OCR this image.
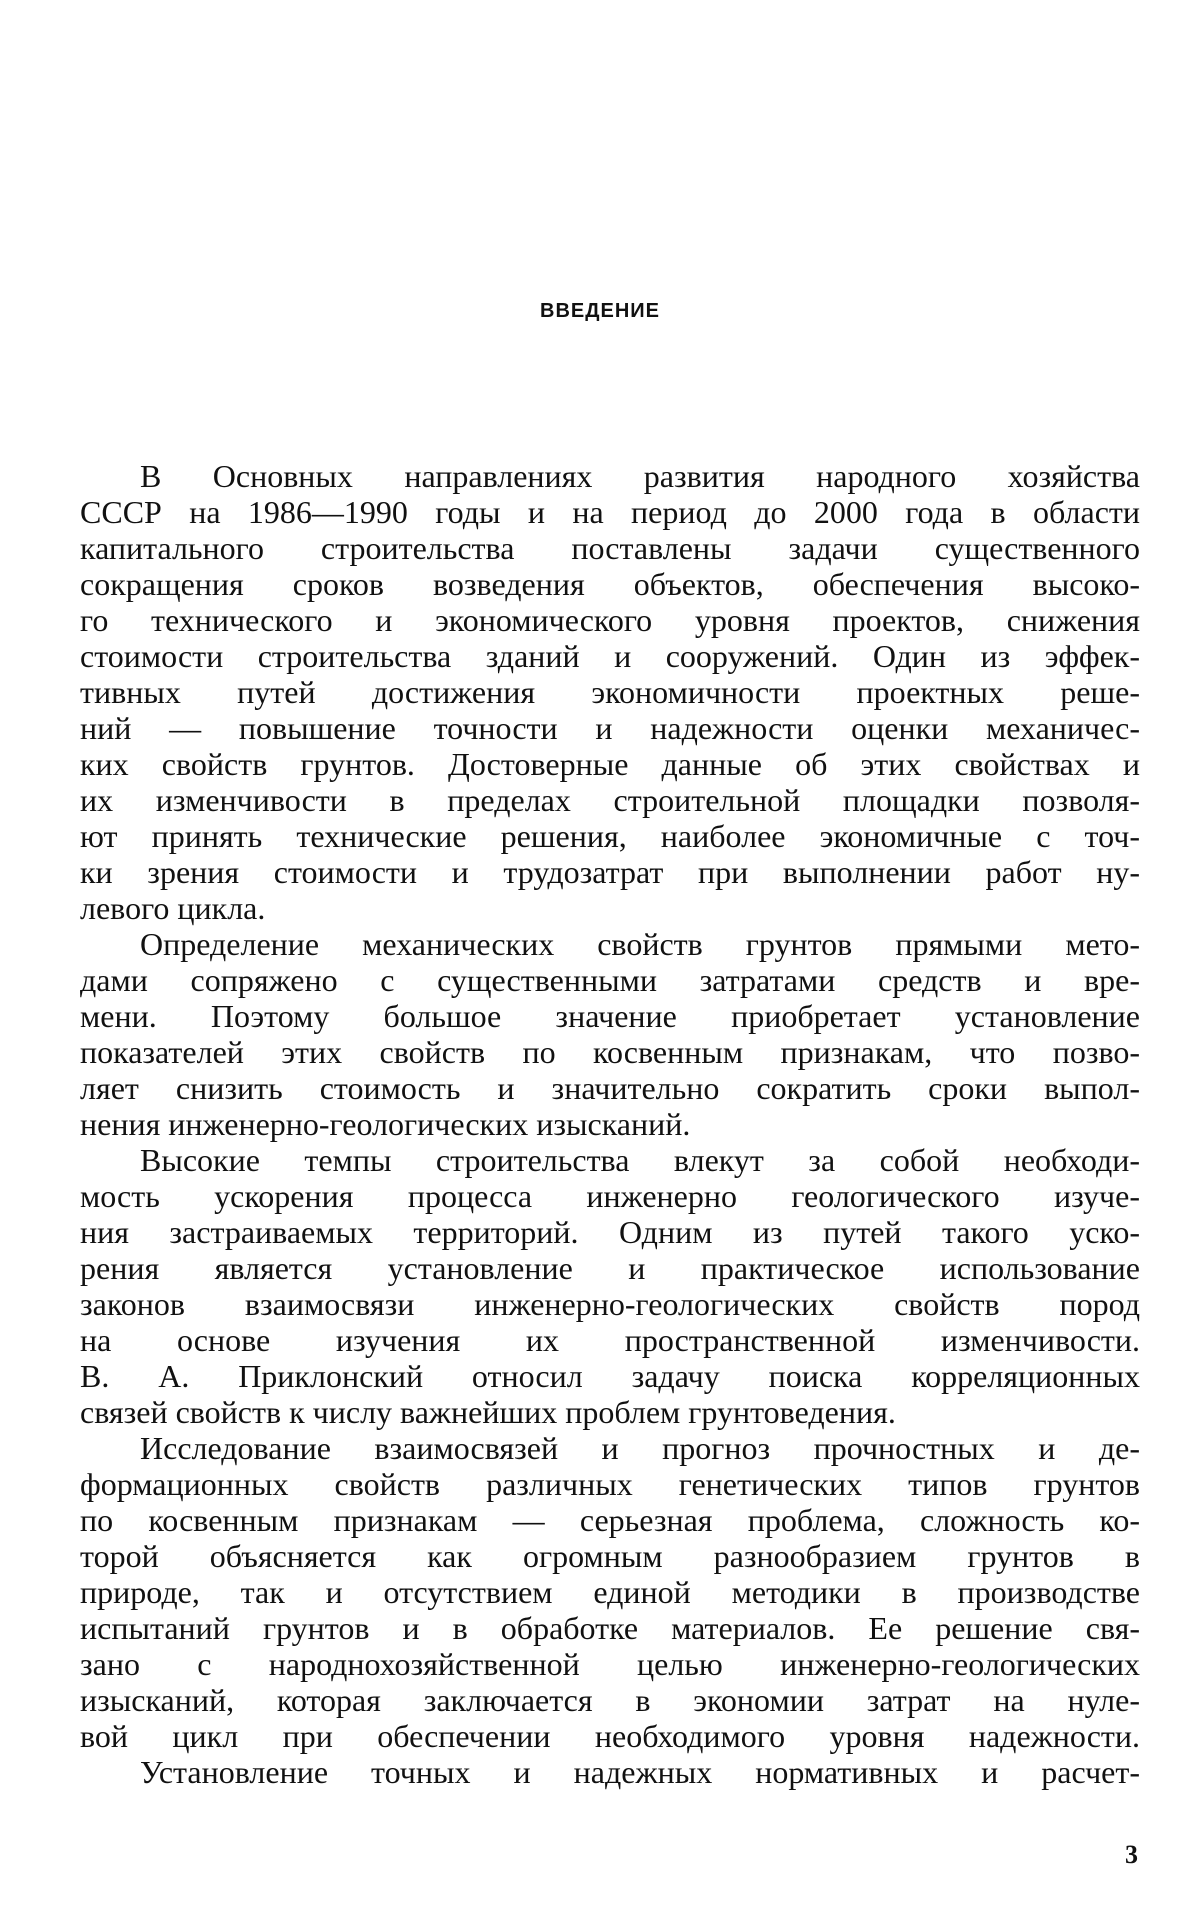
ВВЕДЕНИЕ
В Основных направлениях развития народного хозяйства
СССР на 1986—1990 годы и на период до 2000 года в области
капитального строительства поставлены задачи существенного
сокращения сроков возведения объектов, обеспечения высоко-
го технического и экономического уровня проектов, снижения
стоимости строительства зданий и сооружений. Один из эффек-
тивных путей достижения экономичности проектных реше-
ний — повышение точности и надежности оценки механичес-
ких свойств грунтов. Достоверные данные об этих свойствах и
их изменчивости в пределах строительной площадки позволя-
ют принять технические решения, наиболее экономичные с точ-
ки зрения стоимости и трудозатрат при выполнении работ ну-
левого цикла.
Определение механических свойств грунтов прямыми мето-
дами сопряжено с существенными затратами средств и вре-
мени. Поэтому большое значение приобретает установление
показателей этих свойств по косвенным признакам, что позво-
ляет снизить стоимость и значительно сократить сроки выпол-
нения инженерно-геологических изысканий.
Высокие темпы строительства влекут за собой необходи-
мость ускорения процесса инженерно геологического изуче-
ния застраиваемых территорий. Одним из путей такого уско-
рения является установление и практическое использование
законов взаимосвязи инженерно-геологических свойств пород
на основе изучения их пространственной изменчивости.
В. А. Приклонский относил задачу поиска корреляционных
связей свойств к числу важнейших проблем грунтоведения.
Исследование взаимосвязей и прогноз прочностных и де-
формационных свойств различных генетических типов грунтов
по косвенным признакам — серьезная проблема, сложность ко-
торой объясняется как огромным разнообразием грунтов в
природе, так и отсутствием единой методики в производстве
испытаний грунтов и в обработке материалов. Ее решение свя-
зано с народнохозяйственной целью инженерно-геологических
изысканий, которая заключается в экономии затрат на нуле-
вой цикл при обеспечении необходимого уровня надежности.
Установление точных и надежных нормативных и расчет-
3
